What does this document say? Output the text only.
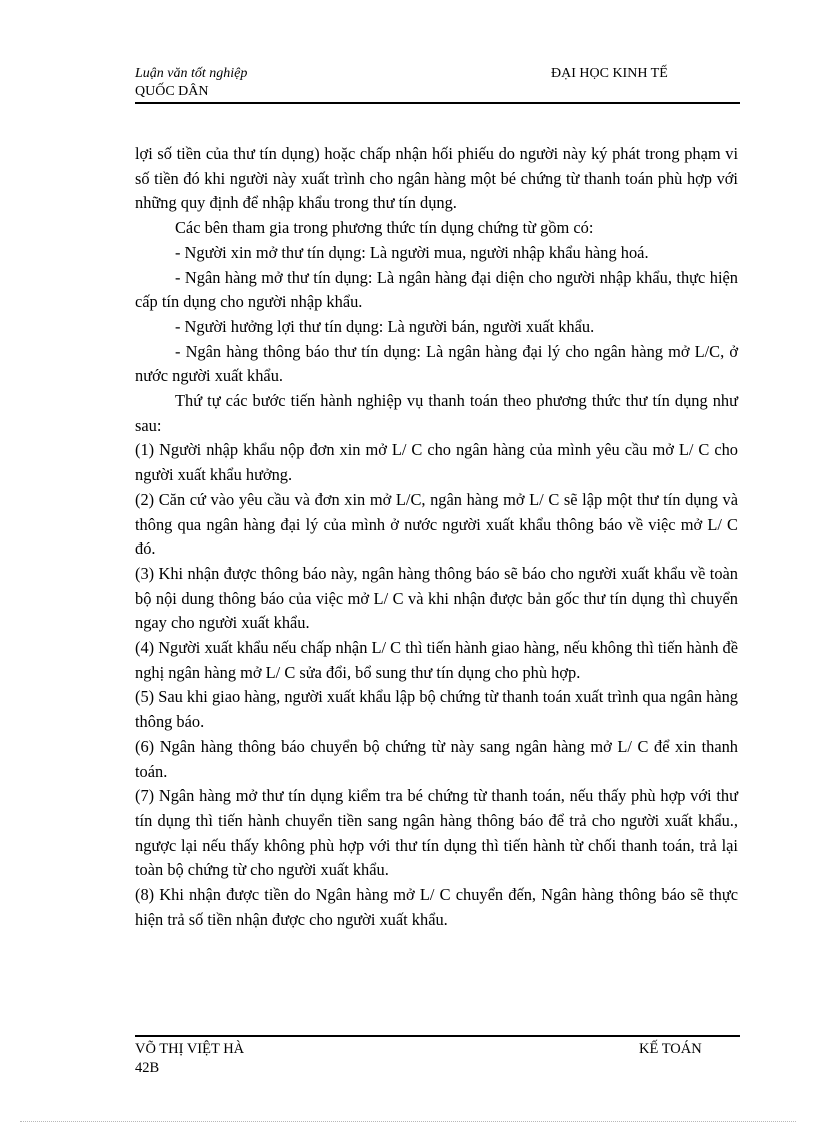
Luận văn tốt nghiệp
QUỐC DÂN
ĐẠI HỌC KINH TẾ

lợi số tiền của thư tín dụng) hoặc chấp nhận hối phiếu do người này ký phát trong phạm vi số tiền đó khi người này xuất trình cho ngân hàng một bé chứng từ thanh toán phù hợp với những quy định để nhập khẩu trong thư tín dụng.

Các bên tham gia trong phương thức tín dụng chứng từ gồm có:

- Người xin mở thư tín dụng: Là người mua, người nhập khẩu hàng hoá.

- Ngân hàng mở thư tín dụng: Là ngân hàng đại diện cho người nhập khẩu, thực hiện cấp tín dụng cho người nhập khẩu.

- Người hưởng lợi thư tín dụng: Là người bán, người xuất khẩu.

- Ngân hàng thông báo thư tín dụng: Là ngân hàng đại lý cho ngân hàng mở L/C, ở nước người xuất khẩu.

Thứ tự các bước tiến hành nghiệp vụ thanh toán theo phương thức thư tín dụng như sau:

(1) Người nhập khẩu nộp đơn xin mở L/ C cho ngân hàng của mình yêu cầu mở L/ C cho người xuất khẩu hưởng.

(2) Căn cứ vào yêu cầu và đơn xin mở L/C, ngân hàng mở L/ C sẽ lập một thư tín dụng và thông qua ngân hàng đại lý của mình ở nước người xuất khẩu thông báo về việc mở L/ C đó.

(3) Khi nhận được thông báo này, ngân hàng thông báo sẽ báo cho người xuất khẩu về toàn bộ nội dung thông báo của việc mở L/ C và khi nhận được bản gốc thư tín dụng thì chuyển ngay cho người xuất khẩu.

(4) Người xuất khẩu nếu chấp nhận L/ C thì tiến hành giao hàng, nếu không thì tiến hành đề nghị ngân hàng mở L/ C sửa đổi, bổ sung thư tín dụng cho phù hợp.

(5) Sau khi giao hàng, người xuất khẩu lập bộ chứng từ thanh toán xuất trình qua ngân hàng thông báo.

(6) Ngân hàng thông báo chuyển bộ chứng từ này sang ngân hàng mở L/ C để xin thanh toán.

(7) Ngân hàng mở thư tín dụng kiểm tra bé chứng từ thanh toán, nếu thấy phù hợp với thư tín dụng thì tiến hành chuyển tiền sang ngân hàng thông báo để trả cho người xuất khẩu., ngược lại nếu thấy không phù hợp với thư tín dụng thì tiến hành từ chối thanh toán, trả lại toàn bộ chứng từ cho người xuất khẩu.

(8) Khi nhận được tiền do Ngân hàng mở L/ C chuyển đến, Ngân hàng thông báo sẽ thực hiện trả số tiền nhận được cho người xuất khẩu.

VÕ THỊ VIỆT HÀ
42B
KẾ TOÁN
